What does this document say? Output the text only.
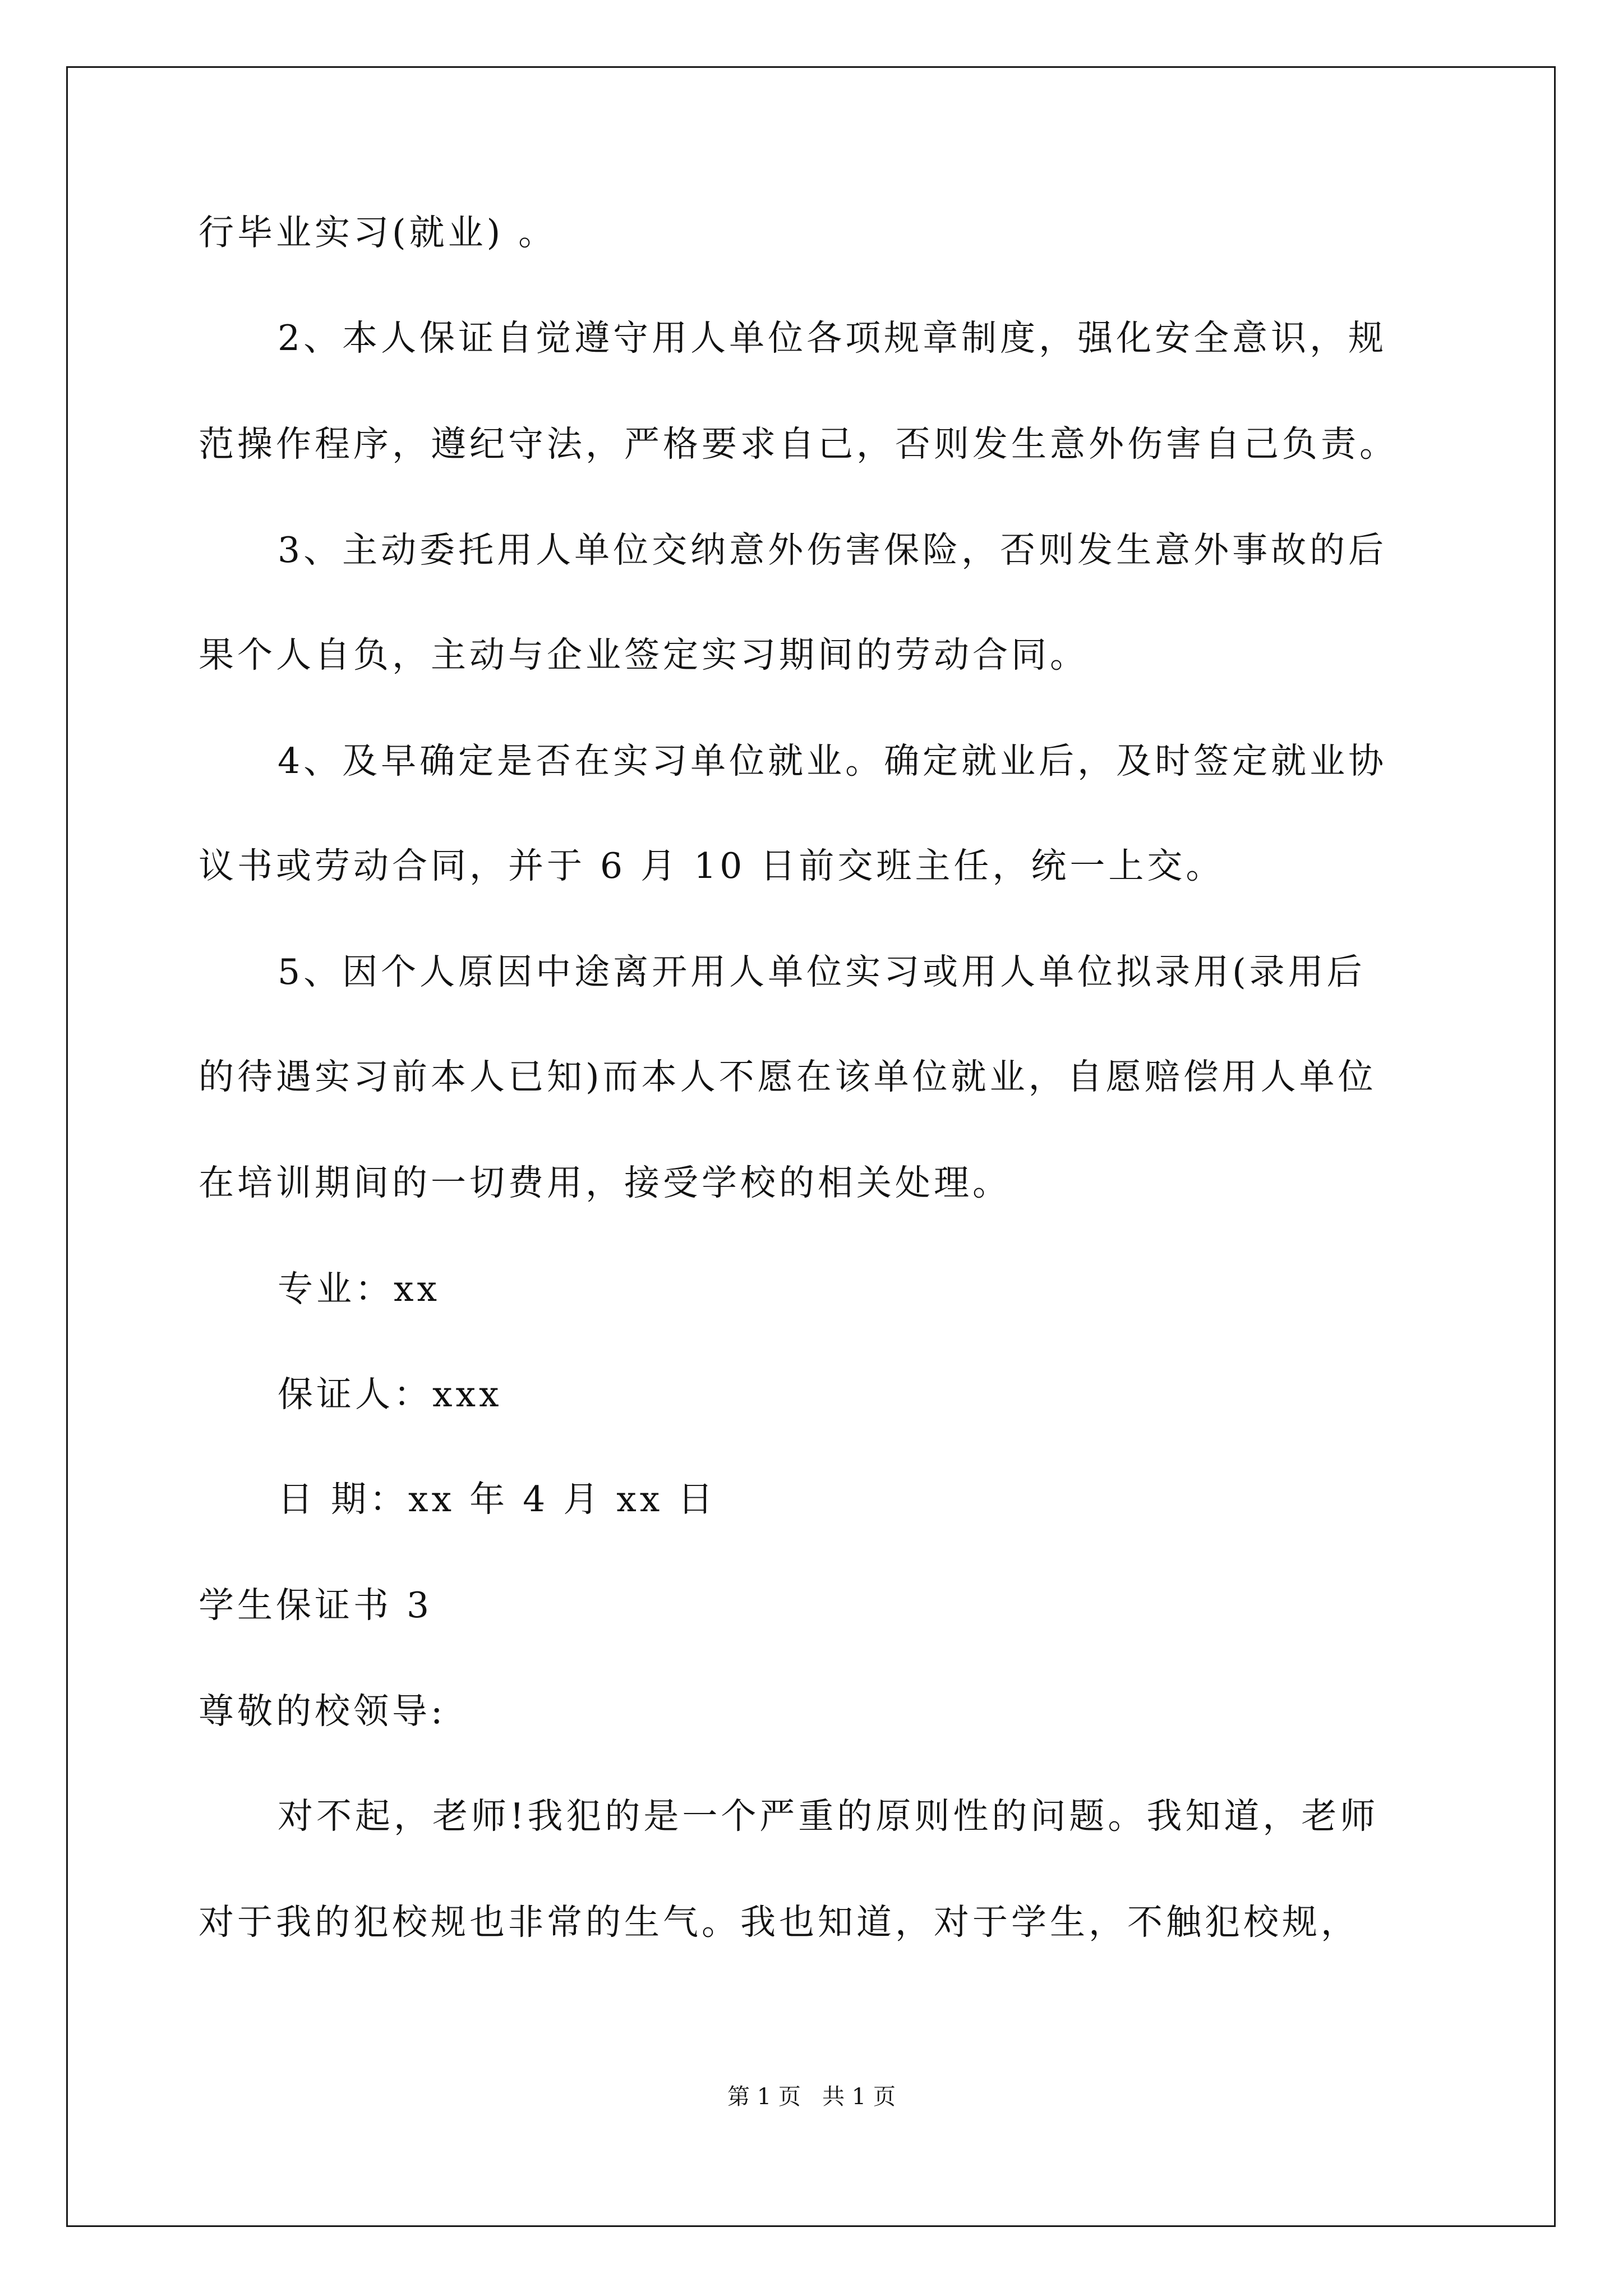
行毕业实习(就业) 。
2、本人保证自觉遵守用人单位各项规章制度，强化安全意识，规
范操作程序，遵纪守法，严格要求自己，否则发生意外伤害自己负责。
3、主动委托用人单位交纳意外伤害保险，否则发生意外事故的后
果个人自负，主动与企业签定实习期间的劳动合同。
4、及早确定是否在实习单位就业。确定就业后，及时签定就业协
议书或劳动合同，并于 6 月 10 日前交班主任，统一上交。
5、因个人原因中途离开用人单位实习或用人单位拟录用(录用后
的待遇实习前本人已知)而本人不愿在该单位就业，自愿赔偿用人单位
在培训期间的一切费用，接受学校的相关处理。
专业：xx
保证人：xxx
日 期：xx 年 4 月 xx 日
学生保证书 3
尊敬的校领导:
对不起，老师!我犯的是一个严重的原则性的问题。我知道，老师
对于我的犯校规也非常的生气。我也知道，对于学生，不触犯校规，
第 1 页   共 1 页
